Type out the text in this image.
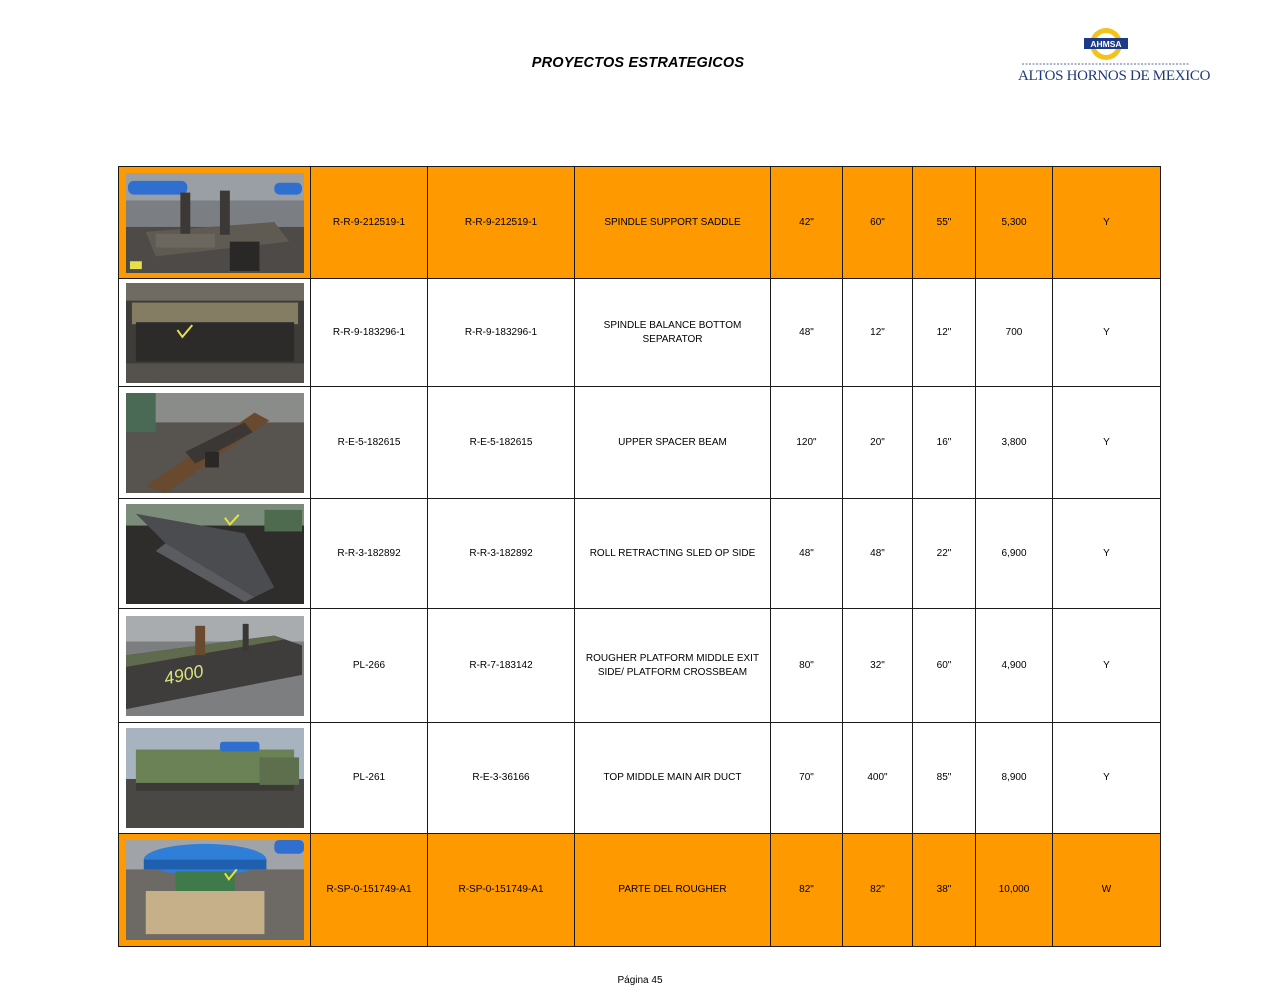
PROYECTOS ESTRATEGICOS
AHMSA
ALTOS HORNOS DE MEXICO
	R-R-9-212519-1	R-R-9-212519-1	SPINDLE SUPPORT SADDLE	42"	60"	55"	5,300	Y

	R-R-9-183296-1	R-R-9-183296-1	SPINDLE BALANCE BOTTOM SEPARATOR	48"	12"	12"	700	Y

	R-E-5-182615	R-E-5-182615	UPPER SPACER BEAM	120"	20"	16"	3,800	Y

	R-R-3-182892	R-R-3-182892	ROLL RETRACTING SLED OP SIDE	48"	48"	22"	6,900	Y

4900	PL-266	R-R-7-183142	ROUGHER PLATFORM MIDDLE EXIT SIDE/ PLATFORM CROSSBEAM	80"	32"	60"	4,900	Y

	PL-261	R-E-3-36166	TOP MIDDLE MAIN AIR DUCT	70"	400"	85"	8,900	Y

	R-SP-0-151749-A1	R-SP-0-151749-A1	PARTE DEL ROUGHER	82"	82"	38"	10,000	W
Página 45
